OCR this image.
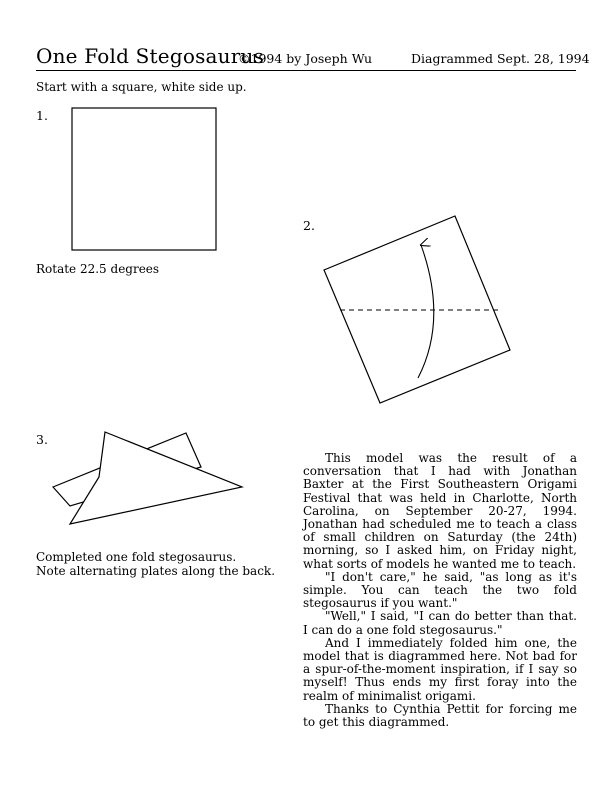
One Fold Stegosaurus
©1994 by Joseph Wu	Diagrammed Sept. 28, 1994
Start with a square, white side up.
1.
2.
3.
Rotate 22.5 degrees
Completed one fold stegosaurus.
Note alternating plates along the back.

This model was the result of a conversation that I had with Jonathan Baxter at the First Southeastern Origami Festival that was held in Charlotte, North Carolina, on September 20-27, 1994. Jonathan had scheduled me to teach a class of small children on Saturday (the 24th) morning, so I asked him, on Friday night, what sorts of models he wanted me to teach.

"I don't care," he said, "as long as it's simple. You can teach the two fold stegosaurus if you want."

"Well," I said, "I can do better than that. I can do a one fold stegosaurus."

And I immediately folded him one, the model that is diagrammed here. Not bad for a spur-of-the-moment inspiration, if I say so myself! Thus ends my first foray into the realm of minimalist origami.

Thanks to Cynthia Pettit for forcing me to get this diagrammed.
